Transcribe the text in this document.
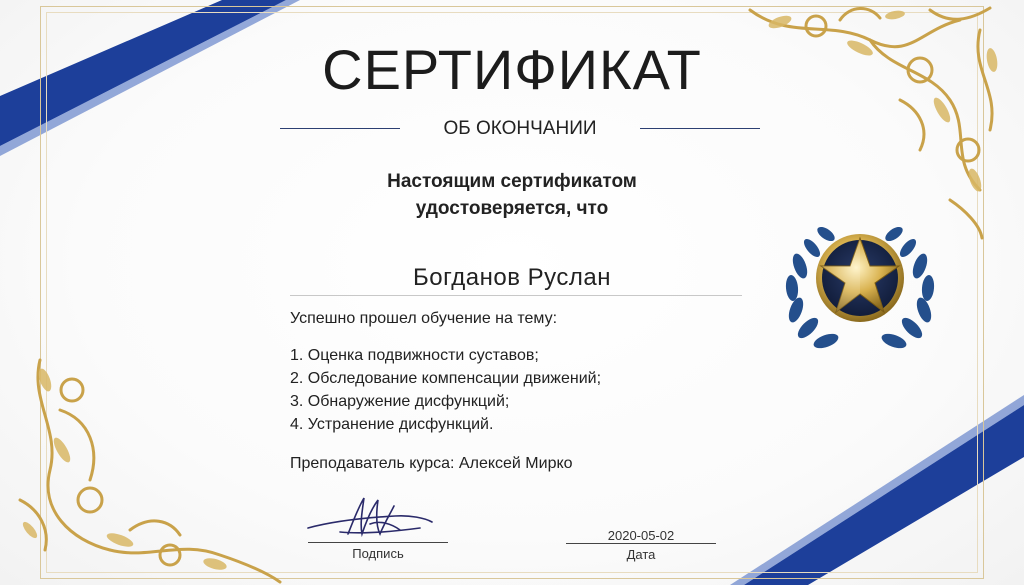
СЕРТИФИКАТ
ОБ ОКОНЧАНИИ
Настоящим сертификатом
удостоверяется, что
Богданов Руслан
Успешно прошел обучение на тему:
1. Оценка подвижности суставов;
2. Обследование компенсации движений;
3. Обнаружение дисфункций;
4. Устранение дисфункций.
Преподаватель курса: Алексей Мирко
Подпись
2020-05-02
Дата
